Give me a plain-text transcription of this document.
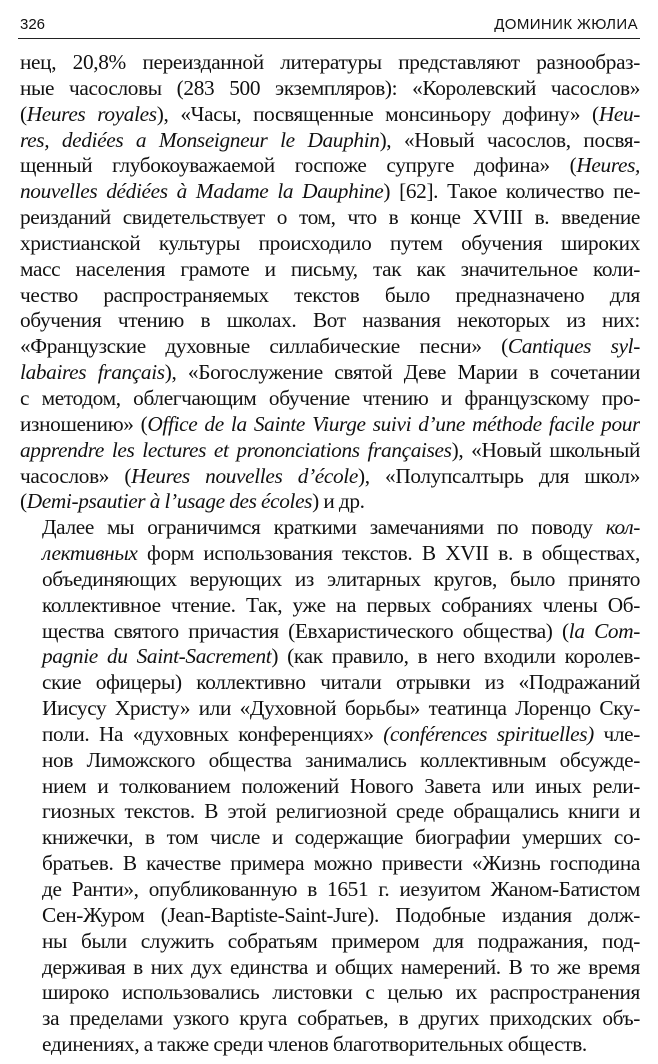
326	ДОМИНИК ЖЮЛИА
нец, 20,8% переизданной литературы представляют разнообраз-
ные часословы (283 500 экземпляров): «Королевский часослов»
(Heures royales), «Часы, посвященные монсиньору дофину» (Heu-
res, dediées a Monseigneur le Dauphin), «Новый часослов, посвя-
щенный глубокоуважаемой госпоже супруге дофина» (Heures,
nouvelles dédiées à Madame la Dauphine) [62]. Такое количество пе-
реизданий свидетельствует о том, что в конце XVIII в. введение
христианской культуры происходило путем обучения широких
масс населения грамоте и письму, так как значительное коли-
чество распространяемых текстов было предназначено для
обучения чтению в школах. Вот названия некоторых из них:
«Французские духовные силлабические песни» (Cantiques syl-
labaires français), «Богослужение святой Деве Марии в сочетании
с методом, облегчающим обучение чтению и французскому про-
изношению» (Office de la Sainte Viurge suivi d’une méthode facile pour
apprendre les lectures et prononciations françaises), «Новый школьный
часослов» (Heures nouvelles d’école), «Полупсалтырь для школ»
(Demi-psautier à l’usage des écoles) и др.
Далее мы ограничимся краткими замечаниями по поводу кол-
лективных форм использования текстов. В XVII в. в обществах,
объединяющих верующих из элитарных кругов, было принято
коллективное чтение. Так, уже на первых собраниях члены Об-
щества святого причастия (Евхаристического общества) (la Com-
pagnie du Saint-Sacrement) (как правило, в него входили королев-
ские офицеры) коллективно читали отрывки из «Подражаний
Иисусу Христу» или «Духовной борьбы» театинца Лоренцо Ску-
поли. На «духовных конференциях» (conférences spirituelles) чле-
нов Лиможского общества занимались коллективным обсужде-
нием и толкованием положений Нового Завета или иных рели-
гиозных текстов. В этой религиозной среде обращались книги и
книжечки, в том числе и содержащие биографии умерших со-
братьев. В качестве примера можно привести «Жизнь господина
де Ранти», опубликованную в 1651 г. иезуитом Жаном-Батистом
Сен-Журом (Jean-Baptiste-Saint-Jure). Подобные издания долж-
ны были служить собратьям примером для подражания, под-
держивая в них дух единства и общих намерений. В то же время
широко использовались листовки с целью их распространения
за пределами узкого круга собратьев, в других приходских объ-
единениях, а также среди членов благотворительных обществ.
